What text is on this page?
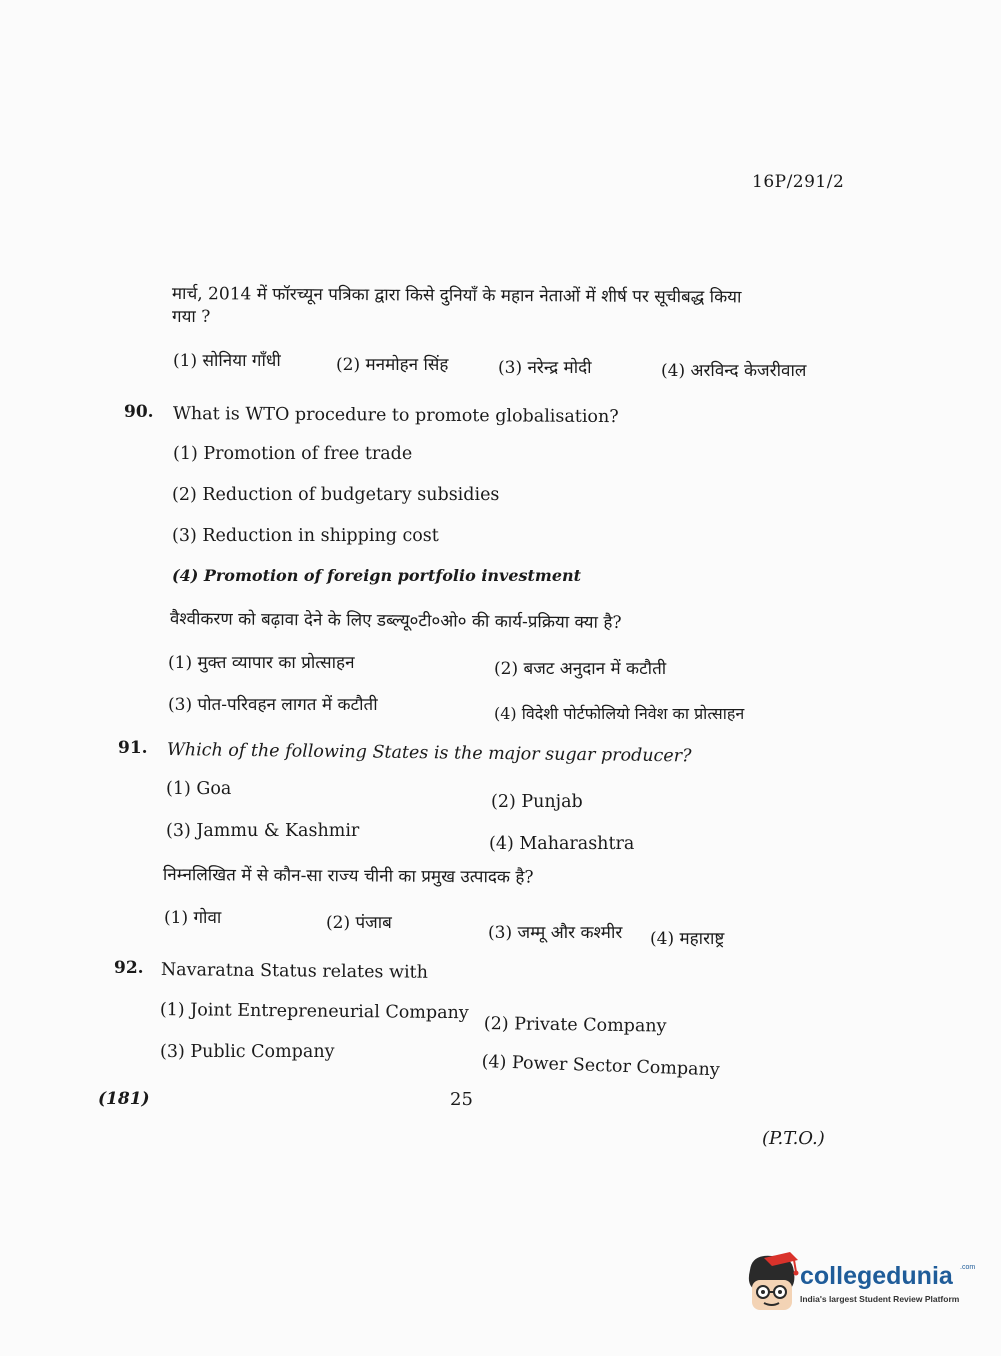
16P/291/2
मार्च, 2014 में फॉरच्यून पत्रिका द्वारा किसे दुनियाँ के महान नेताओं में शीर्ष पर सूचीबद्ध किया
गया ?
(1) सोनिया गाँधी	(2) मनमोहन सिंह	(3) नरेन्द्र मोदी	(4) अरविन्द केजरीवाल
90. What is WTO procedure to promote globalisation?
(1) Promotion of free trade
(2) Reduction of budgetary subsidies
(3) Reduction in shipping cost
(4) Promotion of foreign portfolio investment
वैश्वीकरण को बढ़ावा देने के लिए डब्ल्यू०टी०ओ० की कार्य-प्रक्रिया क्या है?
(1) मुक्त व्यापार का प्रोत्साहन	(2) बजट अनुदान में कटौती
(3) पोत-परिवहन लागत में कटौती	(4) विदेशी पोर्टफोलियो निवेश का प्रोत्साहन
91. Which of the following States is the major sugar producer?
(1) Goa
(2) Punjab
(3) Jammu & Kashmir
(4) Maharashtra
निम्नलिखित में से कौन-सा राज्य चीनी का प्रमुख उत्पादक है?
(1) गोवा	(2) पंजाब	(3) जम्मू और कश्मीर (4) महाराष्ट्र
92. Navaratna Status relates with
(1) Joint Entrepreneurial Company
(2) Private Company
(3) Public Company	(4) Power Sector Company
(181)	25
(P.T.O.)
collegedunia .com
India's largest Student Review Platform
